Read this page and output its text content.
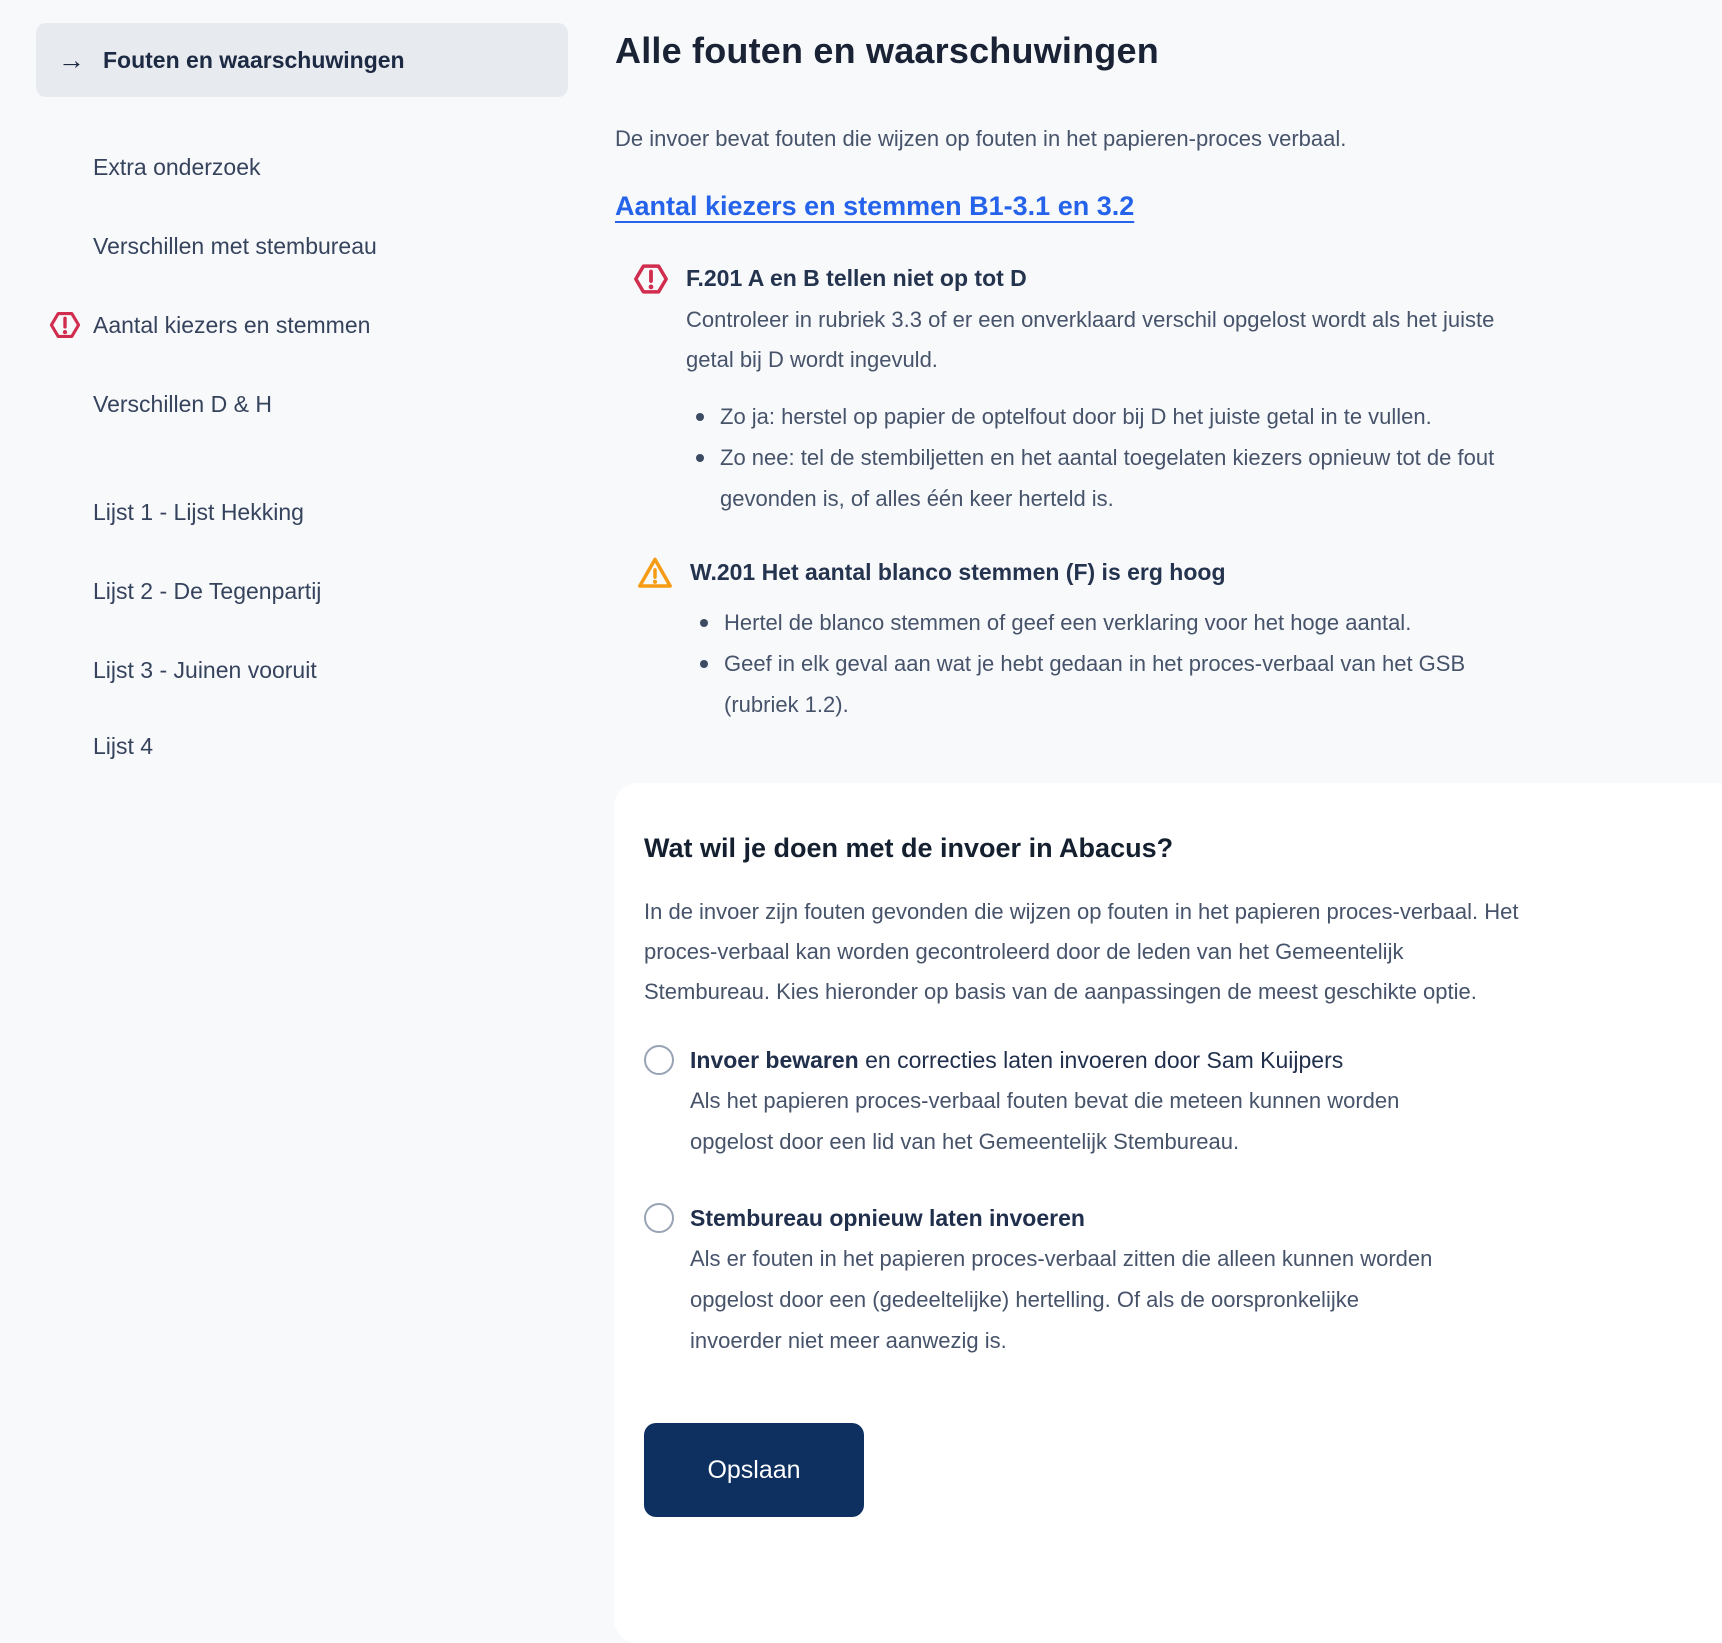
→ Fouten en waarschuwingen
Extra onderzoek
Verschillen met stembureau
Aantal kiezers en stemmen
Verschillen D & H
Lijst 1 - Lijst Hekking
Lijst 2 - De Tegenpartij
Lijst 3 - Juinen vooruit
Lijst 4
Alle fouten en waarschuwingen

De invoer bevat fouten die wijzen op fouten in het papieren-proces verbaal.

Aantal kiezers en stemmen B1-3.1 en 3.2
F.201 A en B tellen niet op tot D

Controleer in rubriek 3.3 of er een onverklaard verschil opgelost wordt als het juiste getal bij D wordt ingevuld.

Zo ja: herstel op papier de optelfout door bij D het juiste getal in te vullen.
Zo nee: tel de stembiljetten en het aantal toegelaten kiezers opnieuw tot de fout gevonden is, of alles één keer herteld is.
W.201 Het aantal blanco stemmen (F) is erg hoog
Hertel de blanco stemmen of geef een verklaring voor het hoge aantal.
Geef in elk geval aan wat je hebt gedaan in het proces-verbaal van het GSB (rubriek 1.2).
Wat wil je doen met de invoer in Abacus?

In de invoer zijn fouten gevonden die wijzen op fouten in het papieren proces-verbaal. Het proces-verbaal kan worden gecontroleerd door de leden van het Gemeentelijk Stembureau. Kies hieronder op basis van de aanpassingen de meest geschikte optie.

Invoer bewaren en correcties laten invoeren door Sam Kuijpers
Als het papieren proces-verbaal fouten bevat die meteen kunnen worden opgelost door een lid van het Gemeentelijk Stembureau.
Stembureau opnieuw laten invoeren
Als er fouten in het papieren proces-verbaal zitten die alleen kunnen worden opgelost door een (gedeeltelijke) hertelling. Of als de oorspronkelijke invoerder niet meer aanwezig is.
Opslaan
